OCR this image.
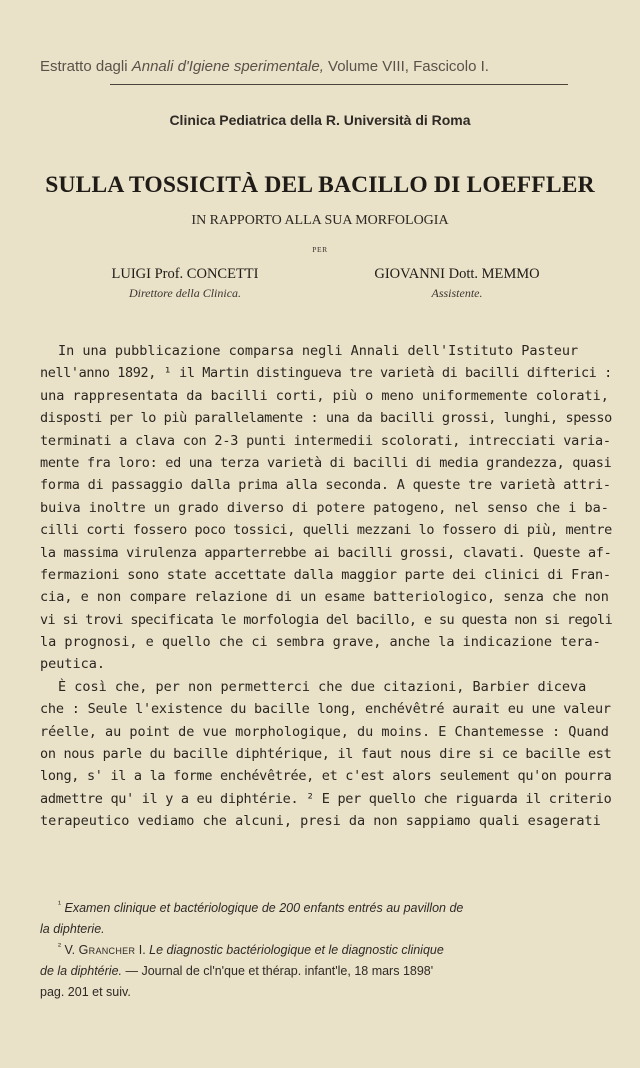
Estratto dagli Annali d'Igiene sperimentale, Volume VIII, Fascicolo I.
Clinica Pediatrica della R. Università di Roma
SULLA TOSSICITÀ DEL BACILLO DI LOEFFLER
IN RAPPORTO ALLA SUA MORFOLOGIA
PER
LUIGI Prof. CONCETTI
Direttore della Clinica.
GIOVANNI Dott. MEMMO
Assistente.
In una pubblicazione comparsa negli Annali dell'Istituto Pasteur
nell'anno 1892, ¹ il Martin distingueva tre varietà di bacilli difterici :
una rappresentata da bacilli corti, più o meno uniformemente colorati,
disposti per lo più parallelamente : una da bacilli grossi, lunghi, spesso
terminati a clava con 2-3 punti intermedii scolorati, intrecciati varia-
mente fra loro: ed una terza varietà di bacilli di media grandezza, quasi
forma di passaggio dalla prima alla seconda. A queste tre varietà attri-
buiva inoltre un grado diverso di potere patogeno, nel senso che i ba-
cilli corti fossero poco tossici, quelli mezzani lo fossero di più, mentre
la massima virulenza apparterrebbe ai bacilli grossi, clavati. Queste af-
fermazioni sono state accettate dalla maggior parte dei clinici di Fran-
cia, e non compare relazione di un esame batteriologico, senza che non
vi si trovi specificata le morfologia del bacillo, e su questa non si regoli
la prognosi, e quello che ci sembra grave, anche la indicazione tera-
peutica.
È così che, per non permetterci che due citazioni, Barbier diceva
che : Seule l'existence du bacille long, enchévêtré aurait eu une valeur
réelle, au point de vue morphologique, du moins. E Chantemesse : Quand
on nous parle du bacille diphtérique, il faut nous dire si ce bacille est
long, s' il a la forme enchévêtrée, et c'est alors seulement qu'on pourra
admettre qu' il y a eu diphtérie. ² E per quello che riguarda il criterio
terapeutico vediamo che alcuni, presi da non sappiamo quali esagerati
$^{^1}$ Examen clinique et bactériologique de 200 enfants entrés au pavillon de
la diphterie.
$^{^2}$ V. Grancher I. Le diagnostic bactériologique et le diagnostic clinique
de la diphtérie. — Journal de cl'n'que et thérap. infant'le, 18 mars 1898'
pag. 201 et suiv.
